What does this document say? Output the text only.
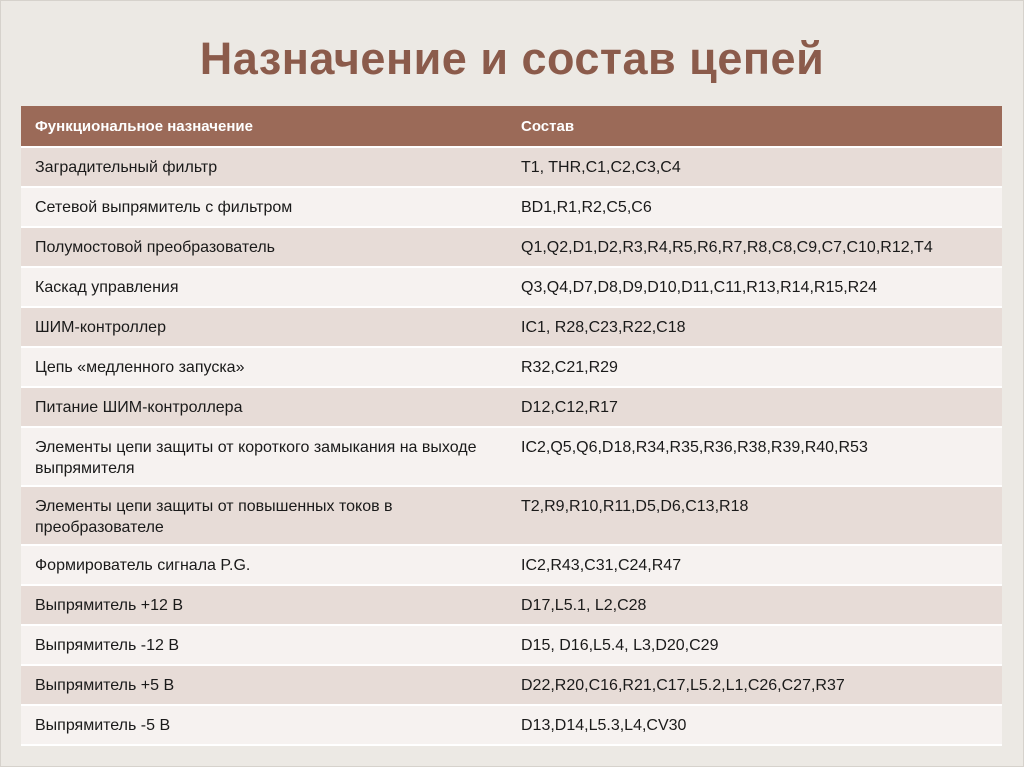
Назначение и состав цепей
Функциональное назначение	Состав
Заградительный фильтр	T1, THR,C1,C2,C3,C4
Сетевой выпрямитель с фильтром	BD1,R1,R2,C5,C6
Полумостовой преобразователь	Q1,Q2,D1,D2,R3,R4,R5,R6,R7,R8,C8,C9,C7,C10,R12,T4
Каскад управления	Q3,Q4,D7,D8,D9,D10,D11,C11,R13,R14,R15,R24
ШИМ-контроллер	IC1, R28,C23,R22,C18
Цепь «медленного запуска»	R32,C21,R29
Питание ШИМ-контроллера	D12,C12,R17
Элементы цепи защиты от короткого замыкания на выходе выпрямителя	IC2,Q5,Q6,D18,R34,R35,R36,R38,R39,R40,R53
Элементы цепи защиты от повышенных токов в преобразователе	T2,R9,R10,R11,D5,D6,C13,R18
Формирователь сигнала P.G.	IC2,R43,C31,C24,R47
Выпрямитель +12 В	D17,L5.1, L2,C28
Выпрямитель -12 В	D15, D16,L5.4, L3,D20,C29
Выпрямитель +5 В	D22,R20,C16,R21,C17,L5.2,L1,C26,C27,R37
Выпрямитель -5 В	D13,D14,L5.3,L4,CV30
